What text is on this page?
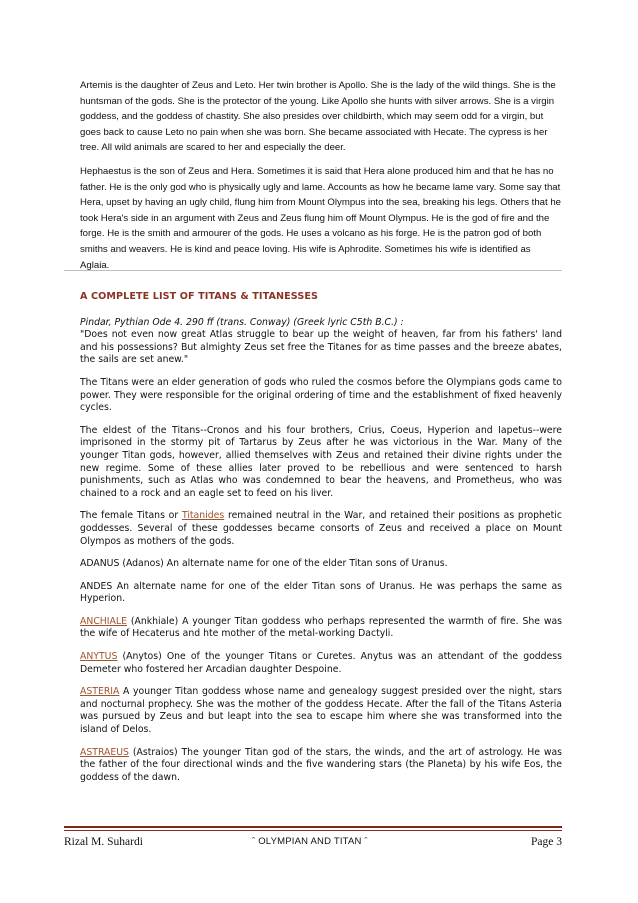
Artemis is the daughter of Zeus and Leto. Her twin brother is Apollo. She is the lady of the wild things. She is the huntsman of the gods. She is the protector of the young. Like Apollo she hunts with silver arrows. She is a virgin goddess, and the goddess of chastity. She also presides over childbirth, which may seem odd for a virgin, but goes back to cause Leto no pain when she was born. She became associated with Hecate. The cypress is her tree. All wild animals are scared to her and especially the deer.

Hephaestus is the son of Zeus and Hera. Sometimes it is said that Hera alone produced him and that he has no father. He is the only god who is physically ugly and lame. Accounts as how he became lame vary. Some say that Hera, upset by having an ugly child, flung him from Mount Olympus into the sea, breaking his legs. Others that he took Hera's side in an argument with Zeus and Zeus flung him off Mount Olympus. He is the god of fire and the forge. He is the smith and armourer of the gods. He uses a volcano as his forge. He is the patron god of both smiths and weavers. He is kind and peace loving. His wife is Aphrodite. Sometimes his wife is identified as Aglaia.

A COMPLETE LIST OF TITANS & TITANESSES

Pindar, Pythian Ode 4. 290 ff (trans. Conway) (Greek lyric C5th B.C.) :
"Does not even now great Atlas struggle to bear up the weight of heaven, far from his fathers' land and his possessions? But almighty Zeus set free the Titanes for as time passes and the breeze abates, the sails are set anew."

The Titans were an elder generation of gods who ruled the cosmos before the Olympians gods came to power. They were responsible for the original ordering of time and the establishment of fixed heavenly cycles.

The eldest of the Titans--Cronos and his four brothers, Crius, Coeus, Hyperion and Iapetus--were imprisoned in the stormy pit of Tartarus by Zeus after he was victorious in the War. Many of the younger Titan gods, however, allied themselves with Zeus and retained their divine rights under the new regime. Some of these allies later proved to be rebellious and were sentenced to harsh punishments, such as Atlas who was condemned to bear the heavens, and Prometheus, who was chained to a rock and an eagle set to feed on his liver.

The female Titans or Titanides remained neutral in the War, and retained their positions as prophetic goddesses. Several of these goddesses became consorts of Zeus and received a place on Mount Olympos as mothers of the gods.

ADANUS (Adanos) An alternate name for one of the elder Titan sons of Uranus.

ANDES An alternate name for one of the elder Titan sons of Uranus. He was perhaps the same as Hyperion.

ANCHIALE (Ankhiale) A younger Titan goddess who perhaps represented the warmth of fire. She was the wife of Hecaterus and hte mother of the metal-working Dactyli.

ANYTUS (Anytos) One of the younger Titans or Curetes. Anytus was an attendant of the goddess Demeter who fostered her Arcadian daughter Despoine.

ASTERIA A younger Titan goddess whose name and genealogy suggest presided over the night, stars and nocturnal prophecy. She was the mother of the goddess Hecate. After the fall of the Titans Asteria was pursued by Zeus and but leapt into the sea to escape him where she was transformed into the island of Delos.

ASTRAEUS (Astraios) The younger Titan god of the stars, the winds, and the art of astrology. He was the father of the four directional winds and the five wandering stars (the Planeta) by his wife Eos, the goddess of the dawn.

Rizal M. Suhardi	ˆ OLYMPIAN AND TITAN ˆ	Page 3
